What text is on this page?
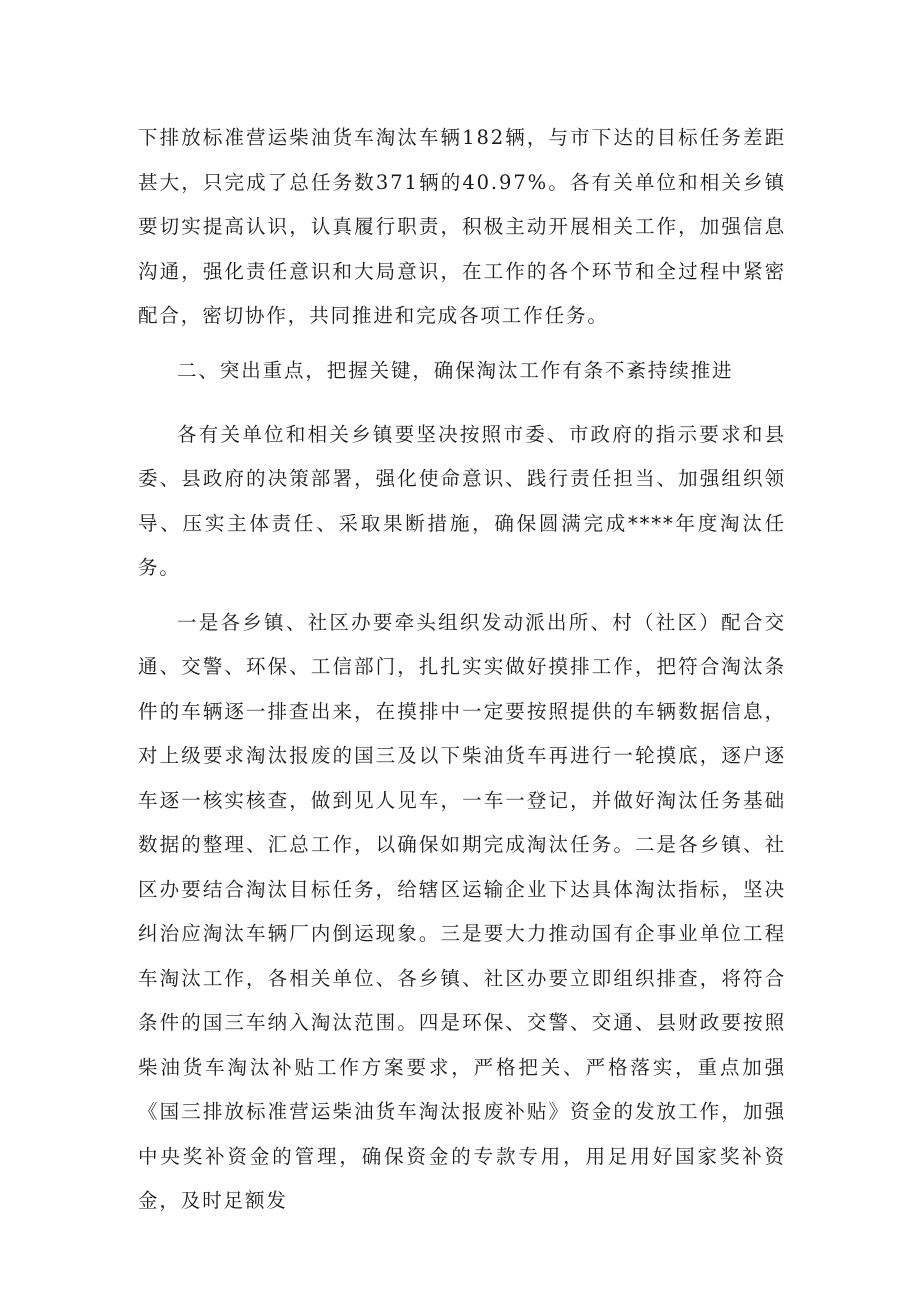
下排放标准营运柴油货车淘汰车辆182辆，与市下达的目标任务差距甚大，只完成了总任务数371辆的40.97%。各有关单位和相关乡镇要切实提高认识，认真履行职责，积极主动开展相关工作，加强信息沟通，强化责任意识和大局意识，在工作的各个环节和全过程中紧密配合，密切协作，共同推进和完成各项工作任务。

二、突出重点，把握关键，确保淘汰工作有条不紊持续推进

各有关单位和相关乡镇要坚决按照市委、市政府的指示要求和县委、县政府的决策部署，强化使命意识、践行责任担当、加强组织领导、压实主体责任、采取果断措施，确保圆满完成****年度淘汰任务。

一是各乡镇、社区办要牵头组织发动派出所、村（社区）配合交通、交警、环保、工信部门，扎扎实实做好摸排工作，把符合淘汰条件的车辆逐一排查出来，在摸排中一定要按照提供的车辆数据信息，对上级要求淘汰报废的国三及以下柴油货车再进行一轮摸底，逐户逐车逐一核实核查，做到见人见车，一车一登记，并做好淘汰任务基础数据的整理、汇总工作，以确保如期完成淘汰任务。二是各乡镇、社区办要结合淘汰目标任务，给辖区运输企业下达具体淘汰指标，坚决纠治应淘汰车辆厂内倒运现象。三是要大力推动国有企事业单位工程车淘汰工作，各相关单位、各乡镇、社区办要立即组织排查，将符合条件的国三车纳入淘汰范围。四是环保、交警、交通、县财政要按照柴油货车淘汰补贴工作方案要求，严格把关、严格落实，重点加强《国三排放标准营运柴油货车淘汰报废补贴》资金的发放工作，加强中央奖补资金的管理，确保资金的专款专用，用足用好国家奖补资金，及时足额发
